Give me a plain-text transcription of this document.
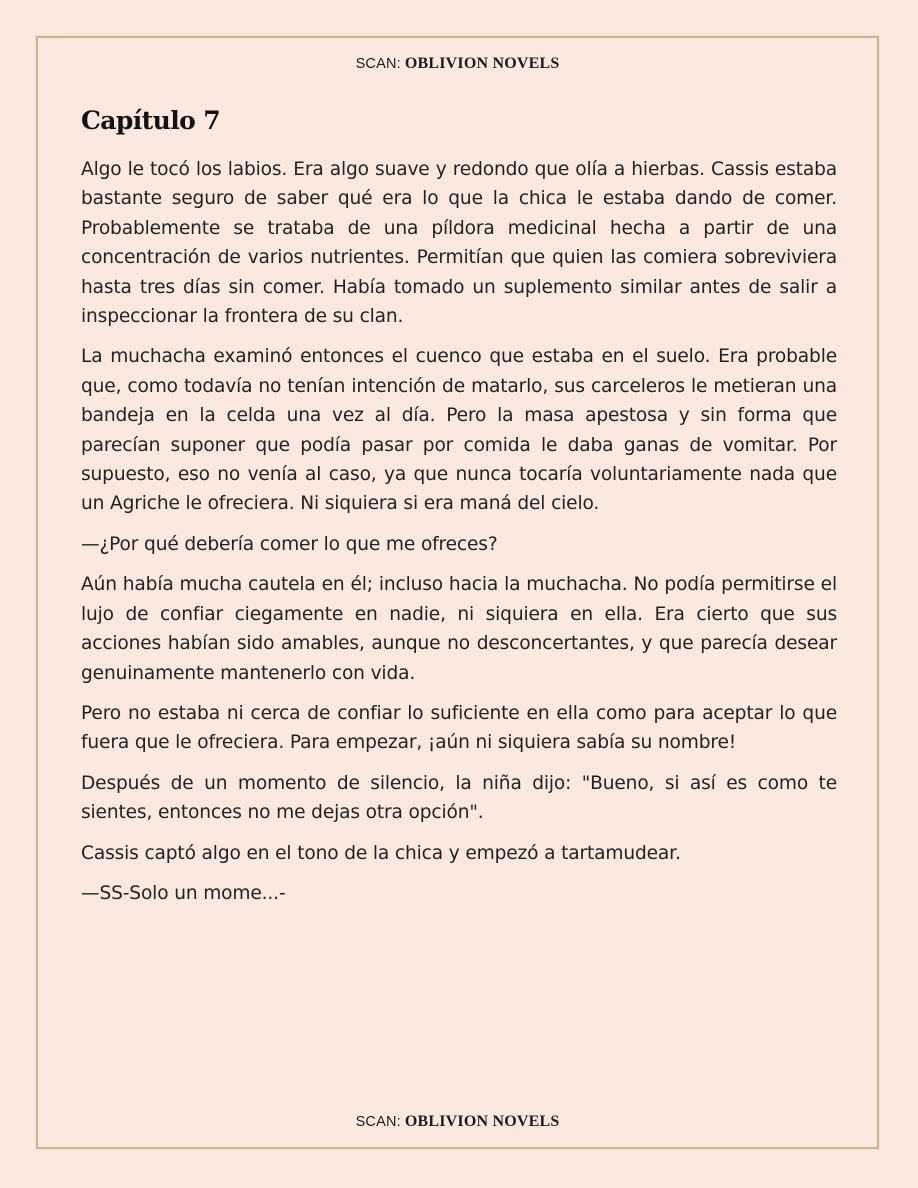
SCAN: OBLIVION NOVELS
Capítulo 7

Algo le tocó los labios. Era algo suave y redondo que olía a hierbas. Cassis estaba bastante seguro de saber qué era lo que la chica le estaba dando de comer. Probablemente se trataba de una píldora medicinal hecha a partir de una concentración de varios nutrientes. Permitían que quien las comiera sobreviviera hasta tres días sin comer. Había tomado un suplemento similar antes de salir a inspeccionar la frontera de su clan.

La muchacha examinó entonces el cuenco que estaba en el suelo. Era probable que, como todavía no tenían intención de matarlo, sus carceleros le metieran una bandeja en la celda una vez al día. Pero la masa apestosa y sin forma que parecían suponer que podía pasar por comida le daba ganas de vomitar. Por supuesto, eso no venía al caso, ya que nunca tocaría voluntariamente nada que un Agriche le ofreciera. Ni siquiera si era maná del cielo.

—¿Por qué debería comer lo que me ofreces?

Aún había mucha cautela en él; incluso hacia la muchacha. No podía permitirse el lujo de confiar ciegamente en nadie, ni siquiera en ella. Era cierto que sus acciones habían sido amables, aunque no desconcertantes, y que parecía desear genuinamente mantenerlo con vida.

Pero no estaba ni cerca de confiar lo suficiente en ella como para aceptar lo que fuera que le ofreciera. Para empezar, ¡aún ni siquiera sabía su nombre!

Después de un momento de silencio, la niña dijo: "Bueno, si así es como te sientes, entonces no me dejas otra opción".

Cassis captó algo en el tono de la chica y empezó a tartamudear.

—SS-Solo un mome...-

SCAN: OBLIVION NOVELS
